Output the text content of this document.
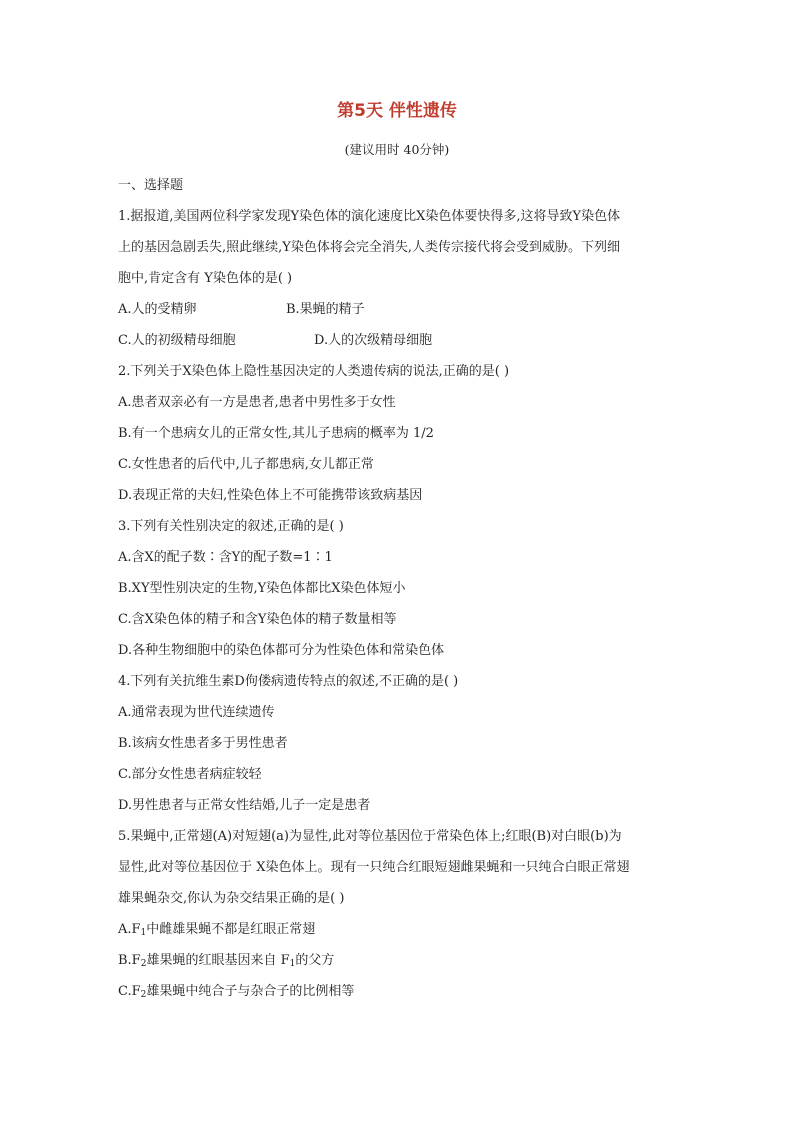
第5天 伴性遗传
(建议用时 40分钟)
一、选择题
1.据报道,美国两位科学家发现Y染色体的演化速度比X染色体要快得多,这将导致Y染色体
上的基因急剧丢失,照此继续,Y染色体将会完全消失,人类传宗接代将会受到威胁。下列细
胞中,肯定含有 Y染色体的是( )
A.人的受精卵	B.果蝇的精子
C.人的初级精母细胞	D.人的次级精母细胞
2.下列关于X染色体上隐性基因决定的人类遗传病的说法,正确的是( )
A.患者双亲必有一方是患者,患者中男性多于女性
B.有一个患病女儿的正常女性,其儿子患病的概率为 1/2
C.女性患者的后代中,儿子都患病,女儿都正常
D.表现正常的夫妇,性染色体上不可能携带该致病基因
3.下列有关性别决定的叙述,正确的是( )
A.含X的配子数∶含Y的配子数=1∶1
B.XY型性别决定的生物,Y染色体都比X染色体短小
C.含X染色体的精子和含Y染色体的精子数量相等
D.各种生物细胞中的染色体都可分为性染色体和常染色体
4.下列有关抗维生素D佝偻病遗传特点的叙述,不正确的是( )
A.通常表现为世代连续遗传
B.该病女性患者多于男性患者
C.部分女性患者病症较轻
D.男性患者与正常女性结婚,儿子一定是患者
5.果蝇中,正常翅(A)对短翅(a)为显性,此对等位基因位于常染色体上;红眼(B)对白眼(b)为
显性,此对等位基因位于 X染色体上。现有一只纯合红眼短翅雌果蝇和一只纯合白眼正常翅
雄果蝇杂交,你认为杂交结果正确的是( )
$A.F_1$中雌雄果蝇不都是红眼正常翅
$B.F_2$雄果蝇的红眼基因来自 $F_1$的父方
$C.F_2$雄果蝇中纯合子与杂合子的比例相等
